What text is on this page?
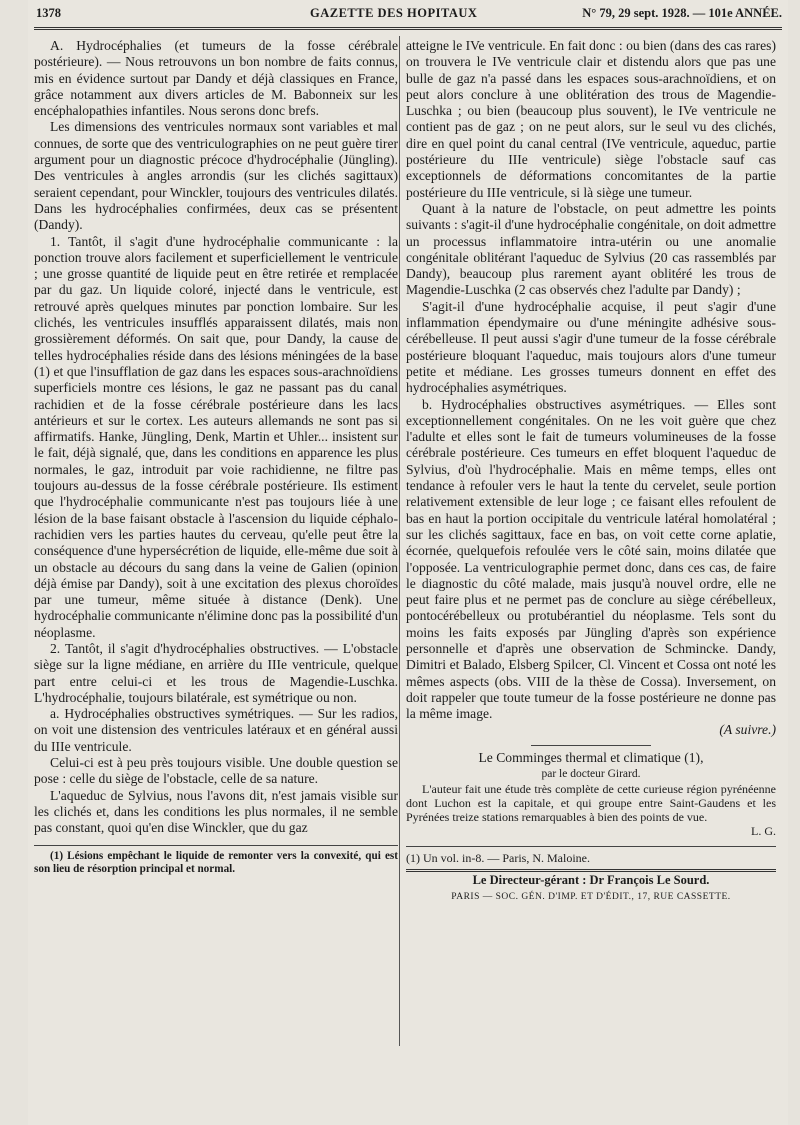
1378	GAZETTE DES HOPITAUX	N° 79, 29 sept. 1928. — 101e ANNÉE.

A. Hydrocéphalies (et tumeurs de la fosse cérébrale postérieure). — Nous retrouvons un bon nombre de faits connus, mis en évidence surtout par Dandy et déjà classiques en France, grâce notamment aux divers articles de M. Babonneix sur les encéphalopathies infantiles. Nous serons donc brefs.

Les dimensions des ventricules normaux sont variables et mal connues, de sorte que des ventriculographies on ne peut guère tirer argument pour un diagnostic précoce d'hydrocéphalie (Jüngling). Des ventricules à angles arrondis (sur les clichés sagittaux) seraient cependant, pour Winckler, toujours des ventricules dilatés. Dans les hydrocéphalies confirmées, deux cas se présentent (Dandy).

1. Tantôt, il s'agit d'une hydrocéphalie communicante : la ponction trouve alors facilement et superficiellement le ventricule ; une grosse quantité de liquide peut en être retirée et remplacée par du gaz. Un liquide coloré, injecté dans le ventricule, est retrouvé après quelques minutes par ponction lombaire. Sur les clichés, les ventricules insufflés apparaissent dilatés, mais non grossièrement déformés. On sait que, pour Dandy, la cause de telles hydrocéphalies réside dans des lésions méningées de la base (1) et que l'insufflation de gaz dans les espaces sous-arachnoïdiens superficiels montre ces lésions, le gaz ne passant pas du canal rachidien et de la fosse cérébrale postérieure dans les lacs antérieurs et sur le cortex. Les auteurs allemands ne sont pas si affirmatifs. Hanke, Jüngling, Denk, Martin et Uhler... insistent sur le fait, déjà signalé, que, dans les conditions en apparence les plus normales, le gaz, introduit par voie rachidienne, ne filtre pas toujours au-dessus de la fosse cérébrale postérieure. Ils estiment que l'hydrocéphalie communicante n'est pas toujours liée à une lésion de la base faisant obstacle à l'ascension du liquide céphalo-rachidien vers les parties hautes du cerveau, qu'elle peut être la conséquence d'une hypersécrétion de liquide, elle-même due soit à un obstacle au décours du sang dans la veine de Galien (opinion déjà émise par Dandy), soit à une excitation des plexus choroïdes par une tumeur, même située à distance (Denk). Une hydrocéphalie communicante n'élimine donc pas la possibilité d'un néoplasme.

2. Tantôt, il s'agit d'hydrocéphalies obstructives. — L'obstacle siège sur la ligne médiane, en arrière du IIIe ventricule, quelque part entre celui-ci et les trous de Magendie-Luschka. L'hydrocéphalie, toujours bilatérale, est symétrique ou non.

a. Hydrocéphalies obstructives symétriques. — Sur les radios, on voit une distension des ventricules latéraux et en général aussi du IIIe ventricule.

Celui-ci est à peu près toujours visible. Une double question se pose : celle du siège de l'obstacle, celle de sa nature.

L'aqueduc de Sylvius, nous l'avons dit, n'est jamais visible sur les clichés et, dans les conditions les plus normales, il ne semble pas constant, quoi qu'en dise Winckler, que du gaz

(1) Lésions empêchant le liquide de remonter vers la convexité, qui est son lieu de résorption principal et normal.

atteigne le IVe ventricule. En fait donc : ou bien (dans des cas rares) on trouvera le IVe ventricule clair et distendu alors que pas une bulle de gaz n'a passé dans les espaces sous-arachnoïdiens, et on peut alors conclure à une oblitération des trous de Magendie-Luschka ; ou bien (beaucoup plus souvent), le IVe ventricule ne contient pas de gaz ; on ne peut alors, sur le seul vu des clichés, dire en quel point du canal central (IVe ventricule, aqueduc, partie postérieure du IIIe ventricule) siège l'obstacle sauf cas exceptionnels de déformations concomitantes de la partie postérieure du IIIe ventricule, si là siège une tumeur.

Quant à la nature de l'obstacle, on peut admettre les points suivants : s'agit-il d'une hydrocéphalie congénitale, on doit admettre un processus inflammatoire intra-utérin ou une anomalie congénitale oblitérant l'aqueduc de Sylvius (20 cas rassemblés par Dandy), beaucoup plus rarement ayant oblitéré les trous de Magendie-Luschka (2 cas observés chez l'adulte par Dandy) ;

S'agit-il d'une hydrocéphalie acquise, il peut s'agir d'une inflammation épendymaire ou d'une méningite adhésive sous-cérébelleuse. Il peut aussi s'agir d'une tumeur de la fosse cérébrale postérieure bloquant l'aqueduc, mais toujours alors d'une tumeur petite et médiane. Les grosses tumeurs donnent en effet des hydrocéphalies asymétriques.

b. Hydrocéphalies obstructives asymétriques. — Elles sont exceptionnellement congénitales. On ne les voit guère que chez l'adulte et elles sont le fait de tumeurs volumineuses de la fosse cérébrale postérieure. Ces tumeurs en effet bloquent l'aqueduc de Sylvius, d'où l'hydrocéphalie. Mais en même temps, elles ont tendance à refouler vers le haut la tente du cervelet, seule portion relativement extensible de leur loge ; ce faisant elles refoulent de bas en haut la portion occipitale du ventricule latéral homolatéral ; sur les clichés sagittaux, face en bas, on voit cette corne aplatie, écornée, quelquefois refoulée vers le côté sain, moins dilatée que l'opposée. La ventriculographie permet donc, dans ces cas, de faire le diagnostic du côté malade, mais jusqu'à nouvel ordre, elle ne peut faire plus et ne permet pas de conclure au siège cérébelleux, pontocérébelleux ou protubérantiel du néoplasme. Tels sont du moins les faits exposés par Jüngling d'après son expérience personnelle et d'après une observation de Schmincke. Dandy, Dimitri et Balado, Elsberg Spilcer, Cl. Vincent et Cossa ont noté les mêmes aspects (obs. VIII de la thèse de Cossa). Inversement, on doit rappeler que toute tumeur de la fosse postérieure ne donne pas la même image.

(A suivre.)

Le Comminges thermal et climatique (1),

par le docteur Girard.

L'auteur fait une étude très complète de cette curieuse région pyrénéenne dont Luchon est la capitale, et qui groupe entre Saint-Gaudens et les Pyrénées treize stations remarquables à bien des points de vue.

L. G.

(1) Un vol. in-8. — Paris, N. Maloine.

Le Directeur-gérant : Dr François Le Sourd.

PARIS — SOC. GÉN. D'IMP. ET D'ÉDIT., 17, RUE CASSETTE.
